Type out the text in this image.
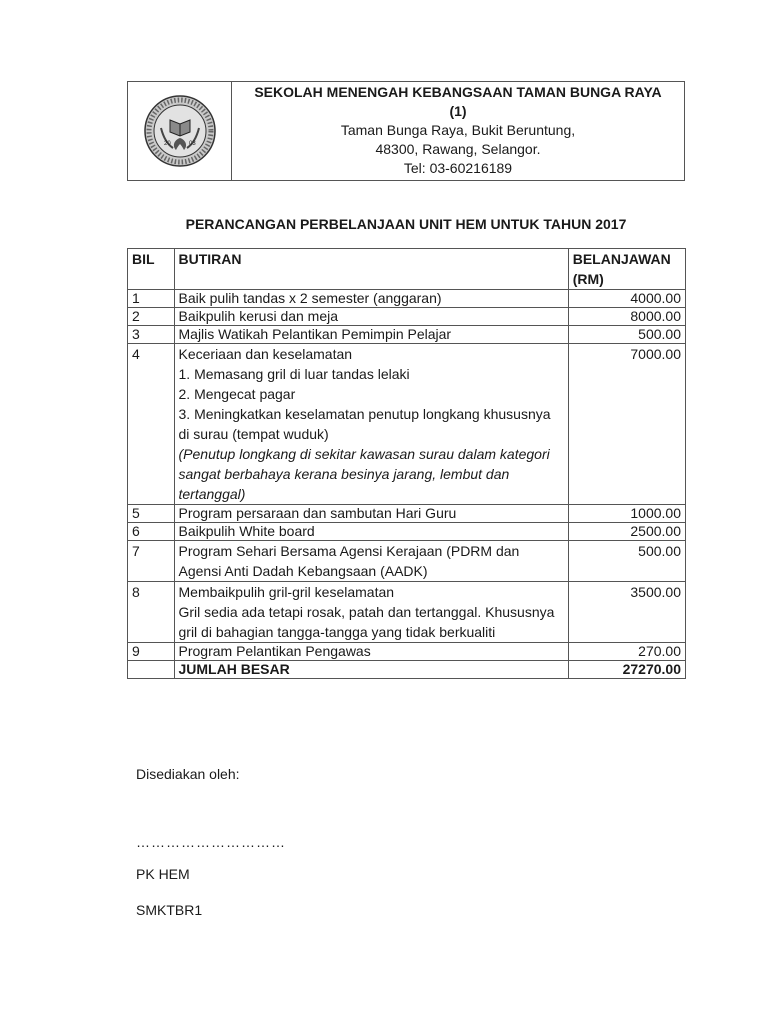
20	03
SEKOLAH MENENGAH KEBANGSAAN TAMAN BUNGA RAYA
(1)
Taman Bunga Raya, Bukit Beruntung,
48300, Rawang, Selangor.
Tel: 03-60216189
PERANCANGAN PERBELANJAAN UNIT HEM UNTUK TAHUN 2017
BIL	BUTIRAN	BELANJAWAN
(RM)

1	Baik pulih tandas x 2 semester (anggaran)	4000.00
2	Baikpulih kerusi dan meja	8000.00
3	Majlis Watikah Pelantikan Pemimpin Pelajar	500.00
4	Keceriaan dan keselamatan
1. Memasang gril di luar tandas lelaki
2. Mengecat pagar
3. Meningkatkan keselamatan penutup longkang khususnya di surau (tempat wuduk)
(Penutup longkang di sekitar kawasan surau dalam kategori sangat berbahaya kerana besinya jarang, lembut dan tertanggal)	7000.00
5	Program persaraan dan sambutan Hari Guru	1000.00
6	Baikpulih White board	2500.00
7	Program Sehari Bersama Agensi Kerajaan (PDRM dan Agensi Anti Dadah Kebangsaan (AADK)	500.00
8	Membaikpulih gril-gril keselamatan
Gril sedia ada tetapi rosak, patah dan tertanggal. Khususnya gril di bahagian tangga-tangga yang tidak berkualiti	3500.00
9	Program Pelantikan Pengawas	270.00
	JUMLAH BESAR	27270.00
Disediakan oleh:
…………………………
PK HEM
SMKTBR1
